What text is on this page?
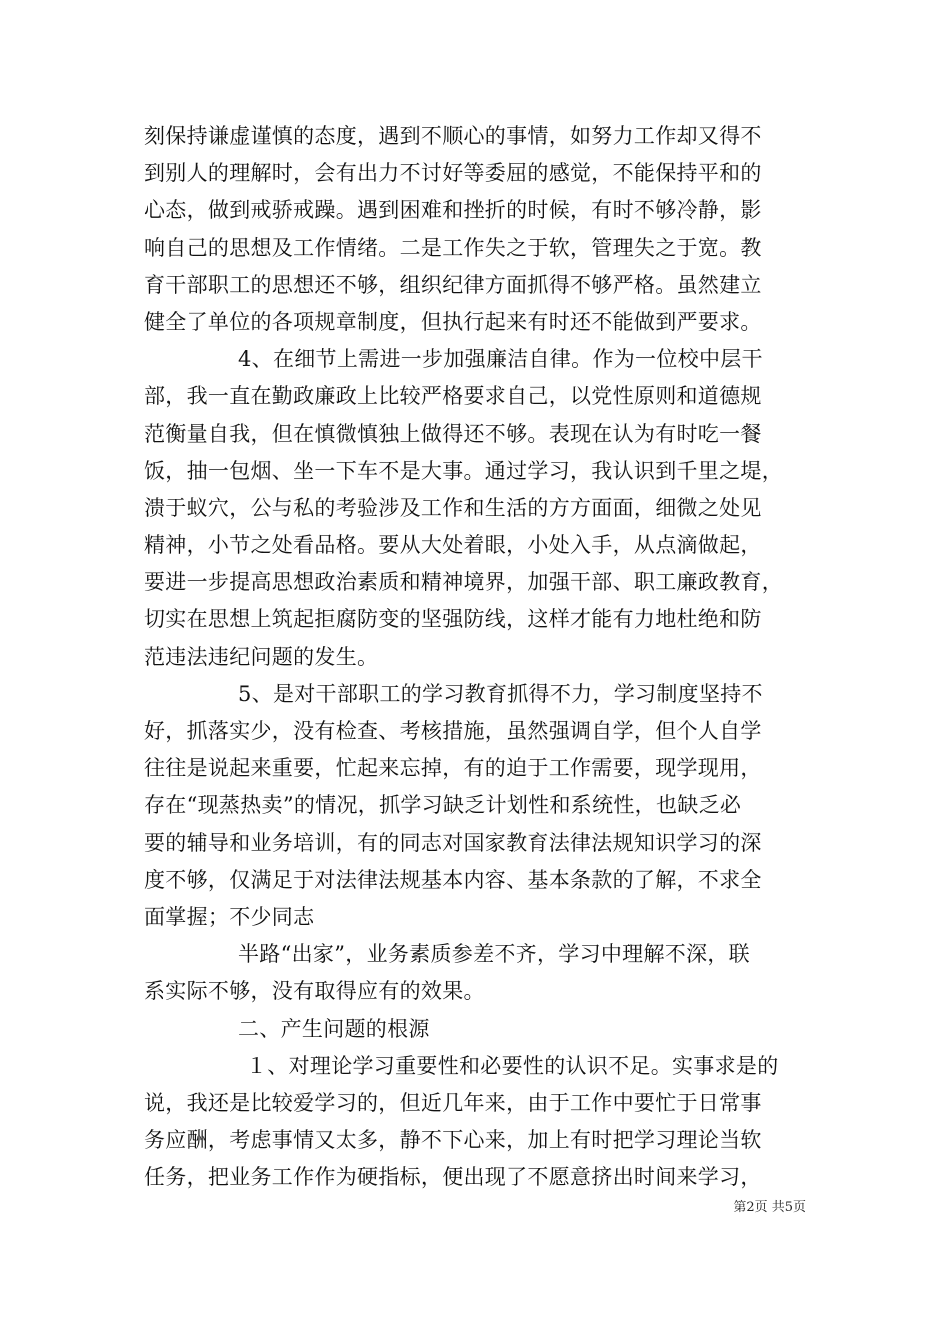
刻保持谦虚谨慎的态度，遇到不顺心的事情，如努力工作却又得不
到别人的理解时，会有出力不讨好等委屈的感觉，不能保持平和的
心态，做到戒骄戒躁。遇到困难和挫折的时候，有时不够冷静，影
响自己的思想及工作情绪。二是工作失之于软，管理失之于宽。教
育干部职工的思想还不够，组织纪律方面抓得不够严格。虽然建立
健全了单位的各项规章制度，但执行起来有时还不能做到严要求。
4、在细节上需进一步加强廉洁自律。作为一位校中层干
部，我一直在勤政廉政上比较严格要求自己，以党性原则和道德规
范衡量自我，但在慎微慎独上做得还不够。表现在认为有时吃一餐
饭，抽一包烟、坐一下车不是大事。通过学习，我认识到千里之堤，
溃于蚁穴，公与私的考验涉及工作和生活的方方面面，细微之处见
精神，小节之处看品格。要从大处着眼，小处入手，从点滴做起，
要进一步提高思想政治素质和精神境界，加强干部、职工廉政教育，
切实在思想上筑起拒腐防变的坚强防线，这样才能有力地杜绝和防
范违法违纪问题的发生。
5、是对干部职工的学习教育抓得不力，学习制度坚持不
好，抓落实少，没有检查、考核措施，虽然强调自学，但个人自学
往往是说起来重要，忙起来忘掉，有的迫于工作需要，现学现用，
存在“现蒸热卖”的情况，抓学习缺乏计划性和系统性，也缺乏必
要的辅导和业务培训，有的同志对国家教育法律法规知识学习的深
度不够，仅满足于对法律法规基本内容、基本条款的了解，不求全
面掌握；不少同志
半路“出家”，业务素质参差不齐，学习中理解不深，联
系实际不够，没有取得应有的效果。
二、产生问题的根源
１、对理论学习重要性和必要性的认识不足。实事求是的
说，我还是比较爱学习的，但近几年来，由于工作中要忙于日常事
务应酬，考虑事情又太多，静不下心来，加上有时把学习理论当软
任务，把业务工作作为硬指标，便出现了不愿意挤出时间来学习，
第2页 共5页
